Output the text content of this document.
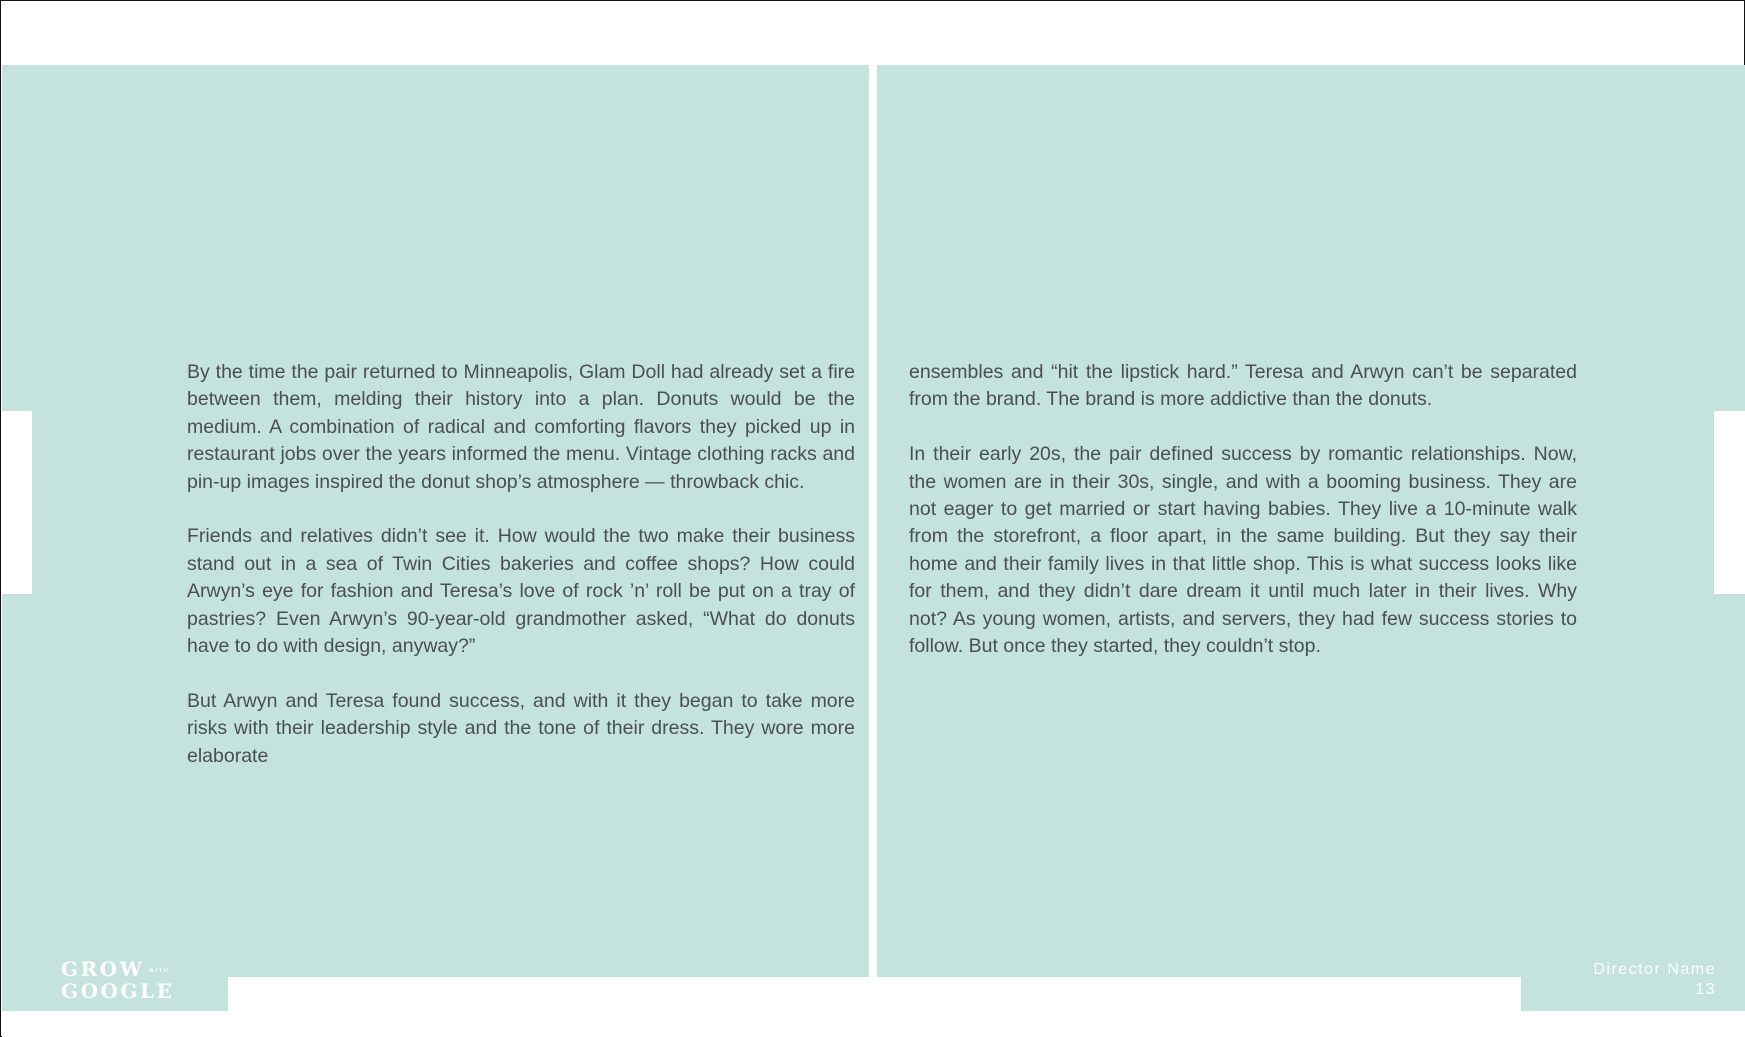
By the time the pair returned to Minneapolis, Glam Doll had already set a fire between them, melding their history into a plan. Donuts would be the medium. A combination of radical and comforting flavors they picked up in restaurant jobs over the years informed the menu. Vintage clothing racks and pin-up images inspired the donut shop’s atmosphere — throwback chic.

Friends and relatives didn’t see it. How would the two make their business stand out in a sea of Twin Cities bakeries and coffee shops? How could Arwyn’s eye for fashion and Teresa’s love of rock ’n’ roll be put on a tray of pastries? Even Arwyn’s 90-year-old grandmother asked, “What do donuts have to do with design, anyway?”

But Arwyn and Teresa found success, and with it they began to take more risks with their leadership style and the tone of their dress. They wore more elaborate

ensembles and “hit the lipstick hard.” Teresa and Arwyn can’t be separated from the brand. The brand is more addictive than the donuts.

In their early 20s, the pair defined success by romantic relationships. Now, the women are in their 30s, single, and with a booming business. They are not eager to get married or start having babies. They live a 10-minute walk from the storefront, a floor apart, in the same building. But they say their home and their family lives in that little shop. This is what success looks like for them, and they didn’t dare dream it until much later in their lives. Why not? As young women, artists, and servers, they had few success stories to follow. But once they started, they couldn’t stop.

GROW WITH
GOOGLE
Director Name
13
